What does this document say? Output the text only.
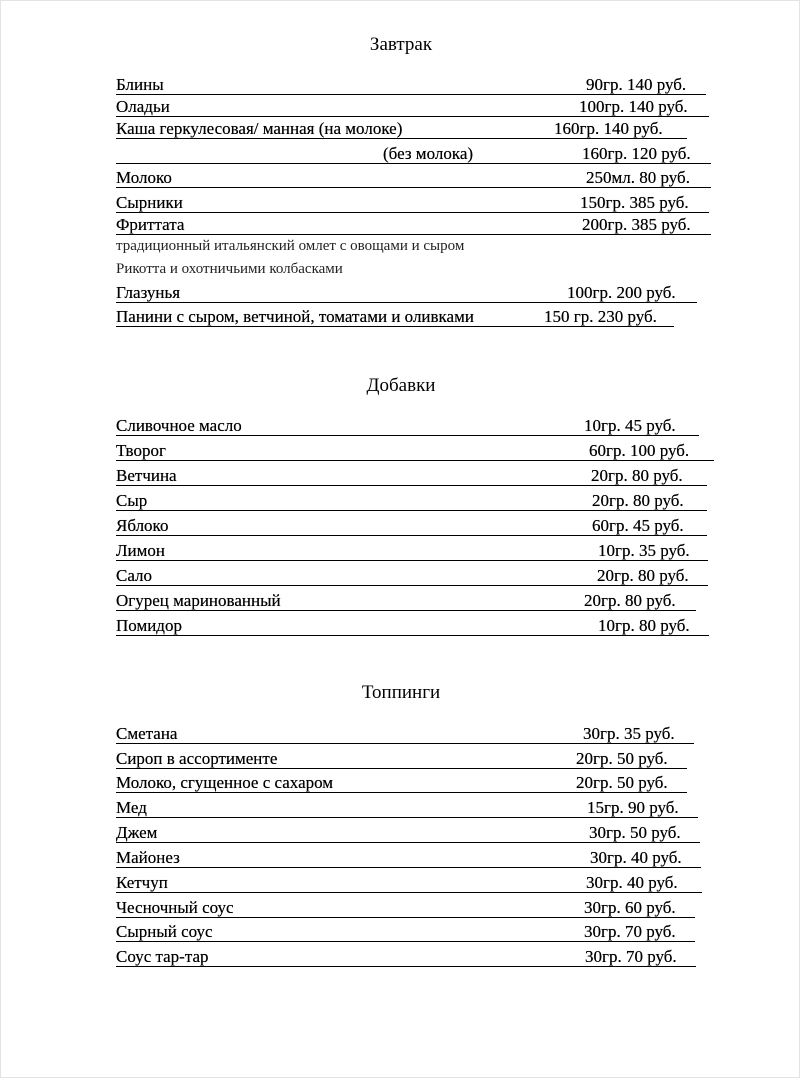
Завтрак
Блины	90гр. 140 руб.
Оладьи	100гр. 140 руб.
Каша геркулесовая/ манная (на молоке)	160гр. 140 руб.
(без молока)	160гр. 120 руб.
Молоко	250мл. 80 руб.
Сырники	150гр. 385 руб.
Фриттата	200гр. 385 руб.
традиционный итальянский омлет с овощами и сыром
Рикотта и охотничьими колбасками
Глазунья	100гр. 200 руб.
Панини с сыром, ветчиной, томатами и оливками	150 гр. 230 руб.
Добавки
Сливочное масло	10гр. 45 руб.
Творог	60гр. 100 руб.
Ветчина	20гр. 80 руб.
Сыр	20гр. 80 руб.
Яблоко	60гр. 45 руб.
Лимон	10гр. 35 руб.
Сало	20гр. 80 руб.
Огурец маринованный	20гр. 80 руб.
Помидор	10гр. 80 руб.
Топпинги
Сметана	30гр. 35 руб.
Сироп в ассортименте	20гр. 50 руб.
Молоко, сгущенное с сахаром	20гр. 50 руб.
Мед	15гр. 90 руб.
Джем	30гр. 50 руб.
Майонез	30гр. 40 руб.
Кетчуп	30гр. 40 руб.
Чесночный соус	30гр. 60 руб.
Сырный соус	30гр. 70 руб.
Соус тар-тар	30гр. 70 руб.
